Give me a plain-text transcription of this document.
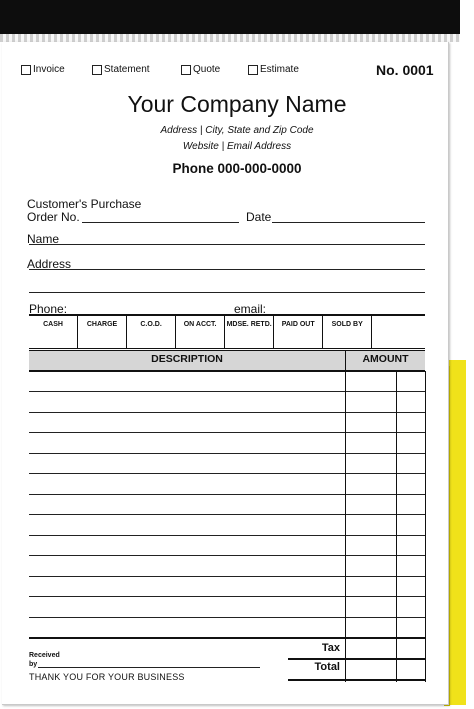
Invoice	Statement	Quote	Estimate	No. 0001
Your Company Name
Address | City, State and Zip Code
Website | Email Address
Phone 000-000-0000
Customer's Purchase
Order No.	Date
Name
Address
Phone:	email:
CASH	CHARGE	C.O.D.	ON ACCT.	MDSE. RETD.	PAID OUT	SOLD BY
DESCRIPTION	AMOUNT
Received
by
THANK YOU FOR YOUR BUSINESS
Tax
Total
